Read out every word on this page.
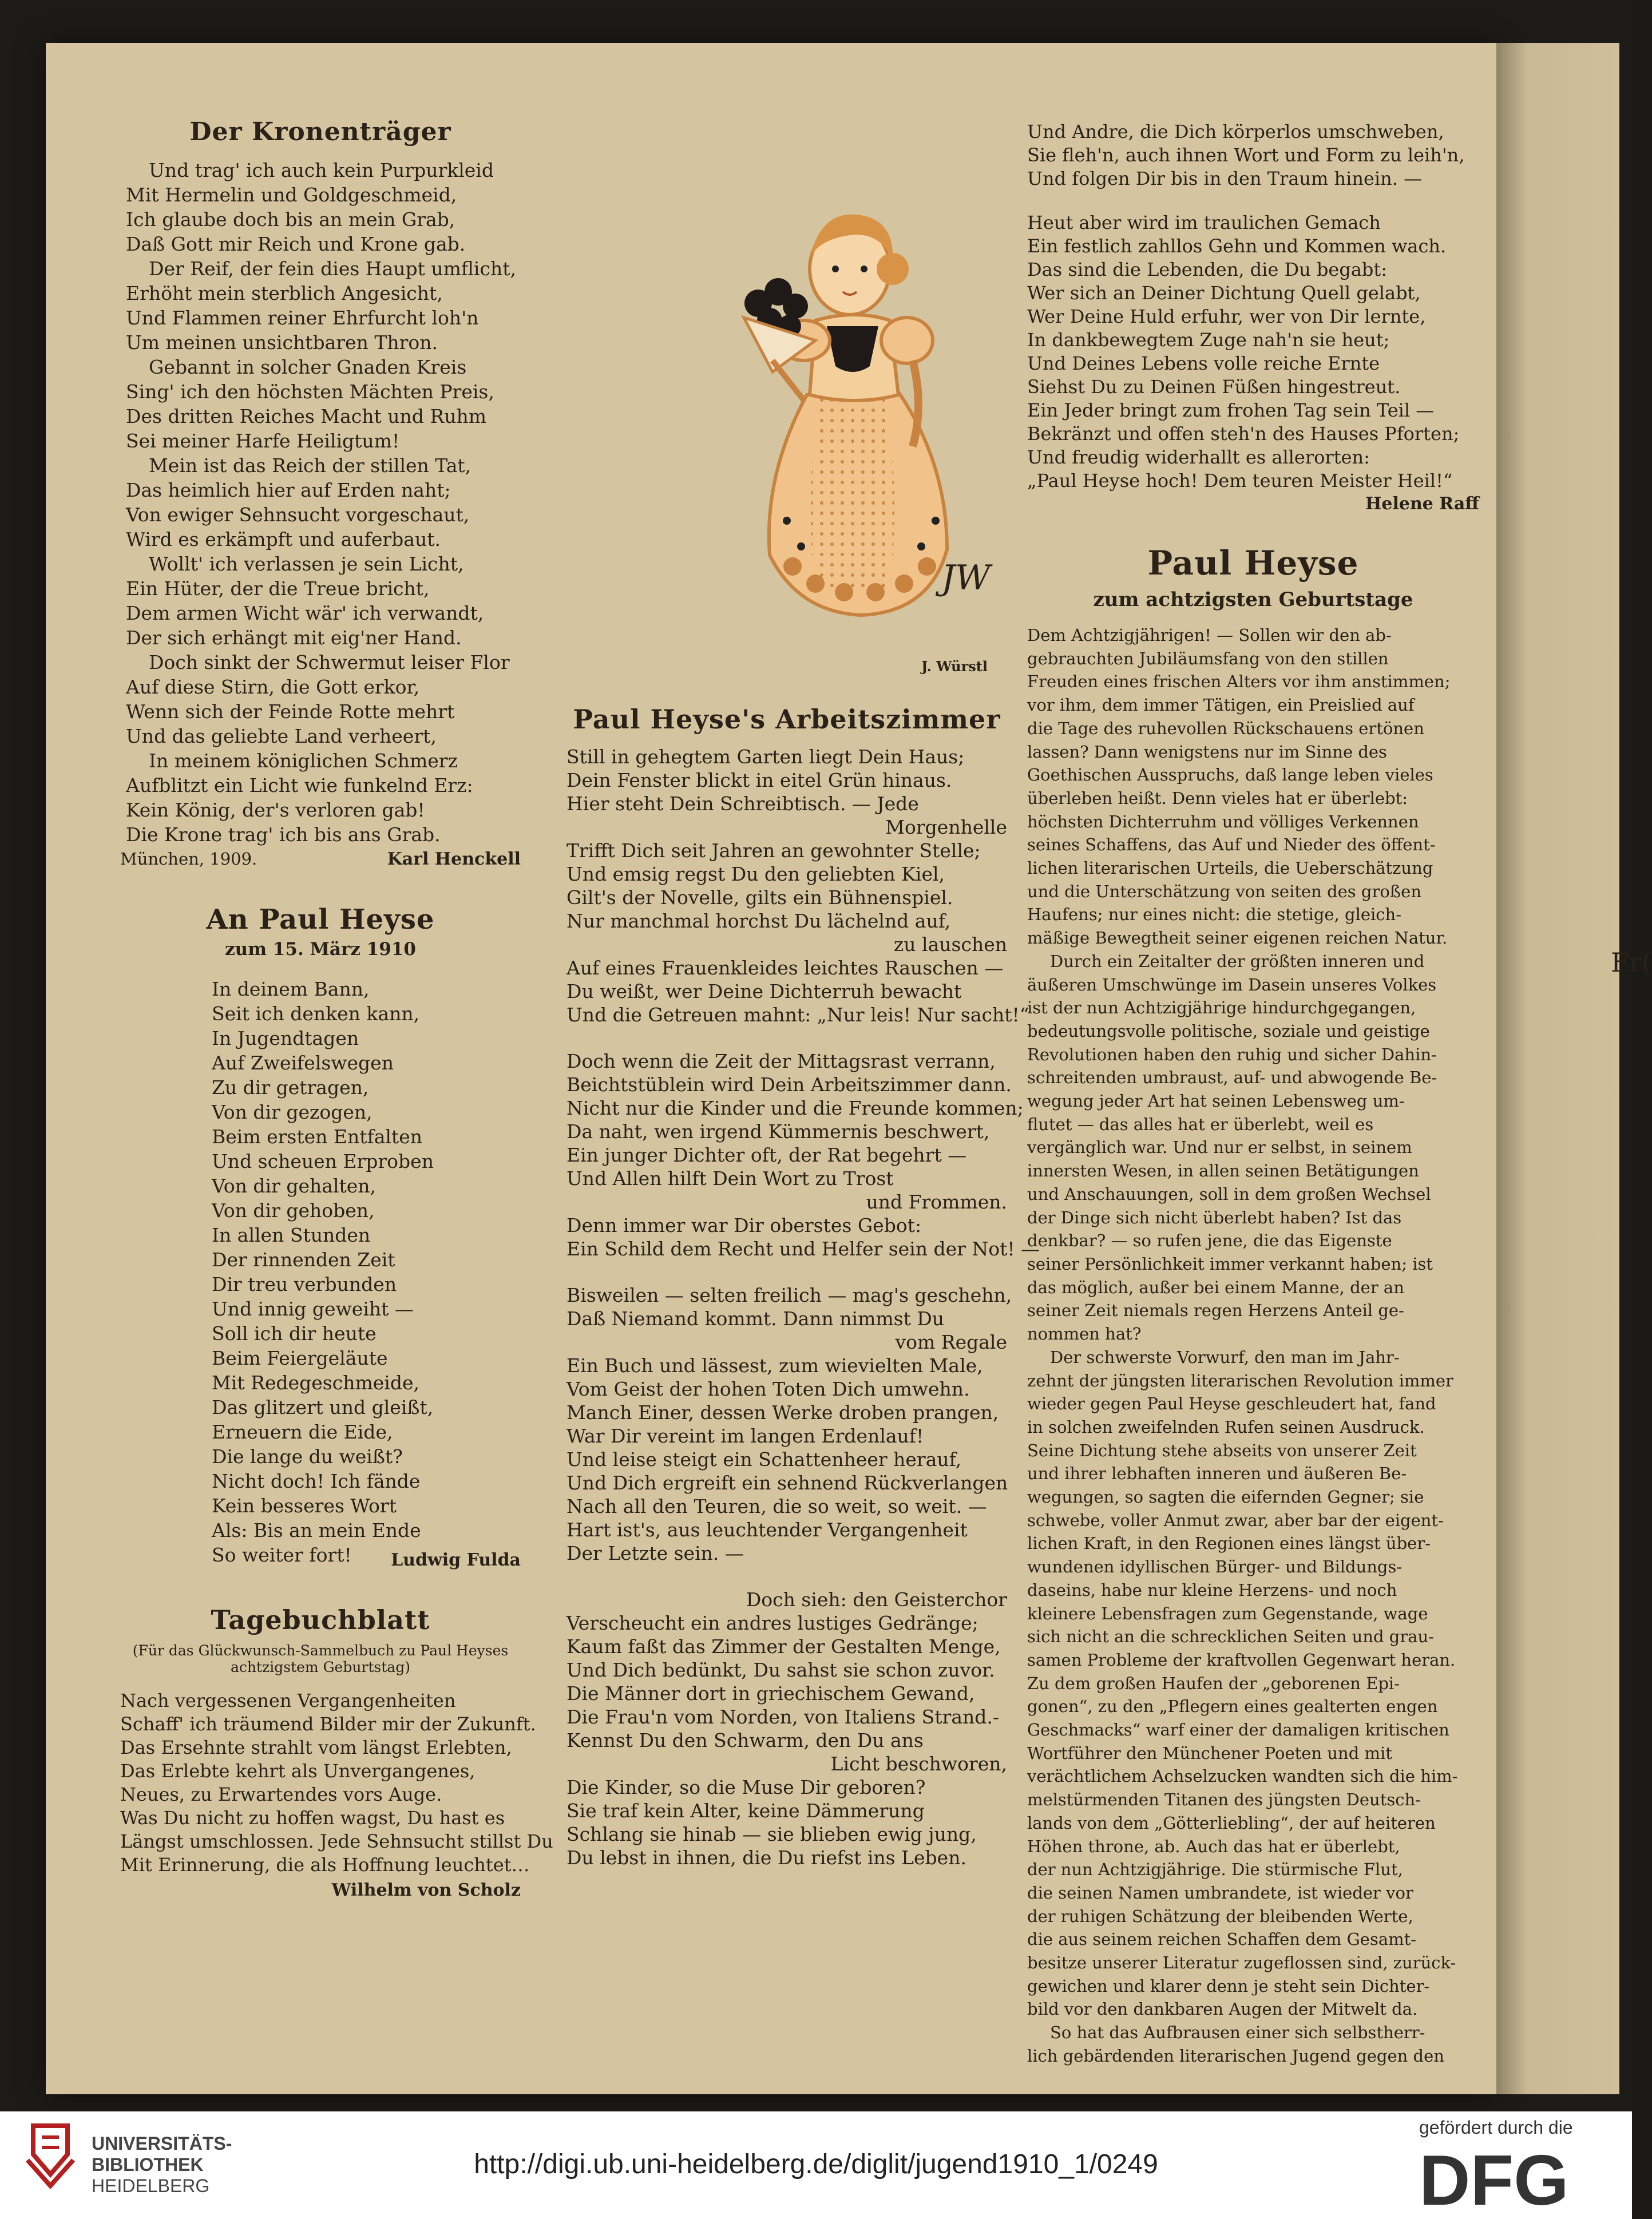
Der Kronenträger
Und trag' ich auch kein Purpurkleid
Mit Hermelin und Goldgeschmeid,
Ich glaube doch bis an mein Grab,
Daß Gott mir Reich und Krone gab.
Der Reif, der fein dies Haupt umflicht,
Erhöht mein sterblich Angesicht,
Und Flammen reiner Ehrfurcht loh'n
Um meinen unsichtbaren Thron.
Gebannt in solcher Gnaden Kreis
Sing' ich den höchsten Mächten Preis,
Des dritten Reiches Macht und Ruhm
Sei meiner Harfe Heiligtum!
Mein ist das Reich der stillen Tat,
Das heimlich hier auf Erden naht;
Von ewiger Sehnsucht vorgeschaut,
Wird es erkämpft und auferbaut.
Wollt' ich verlassen je sein Licht,
Ein Hüter, der die Treue bricht,
Dem armen Wicht wär' ich verwandt,
Der sich erhängt mit eig'ner Hand.
Doch sinkt der Schwermut leiser Flor
Auf diese Stirn, die Gott erkor,
Wenn sich der Feinde Rotte mehrt
Und das geliebte Land verheert,
In meinem königlichen Schmerz
Aufblitzt ein Licht wie funkelnd Erz:
Kein König, der's verloren gab!
Die Krone trag' ich bis ans Grab.
München, 1909.	Karl Henckell
An Paul Heyse
zum 15. März 1910
In deinem Bann,
Seit ich denken kann,
In Jugendtagen
Auf Zweifelswegen
Zu dir getragen,
Von dir gezogen,
Beim ersten Entfalten
Und scheuen Erproben
Von dir gehalten,
Von dir gehoben,
In allen Stunden
Der rinnenden Zeit
Dir treu verbunden
Und innig geweiht —
Soll ich dir heute
Beim Feiergeläute
Mit Redegeschmeide,
Das glitzert und gleißt,
Erneuern die Eide,
Die lange du weißt?
Nicht doch! Ich fände
Kein besseres Wort
Als: Bis an mein Ende
So weiter fort!	Ludwig Fulda
Tagebuchblatt
(Für das Glückwunsch-Sammelbuch zu Paul Heyses
achtzigstem Geburtstag)
Nach vergessenen Vergangenheiten
Schaff' ich träumend Bilder mir der Zukunft.
Das Ersehnte strahlt vom längst Erlebten,
Das Erlebte kehrt als Unvergangenes,
Neues, zu Erwartendes vors Auge.
Was Du nicht zu hoffen wagst, Du hast es
Längst umschlossen. Jede Sehnsucht stillst Du
Mit Erinnerung, die als Hoffnung leuchtet…
Wilhelm von Scholz
JW
J. Würstl
Paul Heyse's Arbeitszimmer
Still in gehegtem Garten liegt Dein Haus;
Dein Fenster blickt in eitel Grün hinaus.
Hier steht Dein Schreibtisch. — Jede
Morgenhelle
Trifft Dich seit Jahren an gewohnter Stelle;
Und emsig regst Du den geliebten Kiel,
Gilt's der Novelle, gilts ein Bühnenspiel.
Nur manchmal horchst Du lächelnd auf,
zu lauschen
Auf eines Frauenkleides leichtes Rauschen —
Du weißt, wer Deine Dichterruh bewacht
Und die Getreuen mahnt: „Nur leis! Nur sacht!“
Doch wenn die Zeit der Mittagsrast verrann,
Beichtstüblein wird Dein Arbeitszimmer dann.
Nicht nur die Kinder und die Freunde kommen;
Da naht, wen irgend Kümmernis beschwert,
Ein junger Dichter oft, der Rat begehrt —
Und Allen hilft Dein Wort zu Trost
und Frommen.
Denn immer war Dir oberstes Gebot:
Ein Schild dem Recht und Helfer sein der Not! —
Bisweilen — selten freilich — mag's geschehn,
Daß Niemand kommt. Dann nimmst Du
vom Regale
Ein Buch und lässest, zum wievielten Male,
Vom Geist der hohen Toten Dich umwehn.
Manch Einer, dessen Werke droben prangen,
War Dir vereint im langen Erdenlauf!
Und leise steigt ein Schattenheer herauf,
Und Dich ergreift ein sehnend Rückverlangen
Nach all den Teuren, die so weit, so weit. —
Hart ist's, aus leuchtender Vergangenheit
Der Letzte sein. —
Doch sieh: den Geisterchor
Verscheucht ein andres lustiges Gedränge;
Kaum faßt das Zimmer der Gestalten Menge,
Und Dich bedünkt, Du sahst sie schon zuvor.
Die Männer dort in griechischem Gewand,
Die Frau'n vom Norden, von Italiens Strand.-
Kennst Du den Schwarm, den Du ans
Licht beschworen,
Die Kinder, so die Muse Dir geboren?
Sie traf kein Alter, keine Dämmerung
Schlang sie hinab — sie blieben ewig jung,
Du lebst in ihnen, die Du riefst ins Leben.
Und Andre, die Dich körperlos umschweben,
Sie fleh'n, auch ihnen Wort und Form zu leih'n,
Und folgen Dir bis in den Traum hinein. —
Heut aber wird im traulichen Gemach
Ein festlich zahllos Gehn und Kommen wach.
Das sind die Lebenden, die Du begabt:
Wer sich an Deiner Dichtung Quell gelabt,
Wer Deine Huld erfuhr, wer von Dir lernte,
In dankbewegtem Zuge nah'n sie heut;
Und Deines Lebens volle reiche Ernte
Siehst Du zu Deinen Füßen hingestreut.
Ein Jeder bringt zum frohen Tag sein Teil —
Bekränzt und offen steh'n des Hauses Pforten;
Und freudig widerhallt es allerorten:
„Paul Heyse hoch! Dem teuren Meister Heil!“
Helene Raff
Paul Heyse
zum achtzigsten Geburtstage
Dem Achtzigjährigen! — Sollen wir den ab-
gebrauchten Jubiläumsfang von den stillen
Freuden eines frischen Alters vor ihm anstimmen;
vor ihm, dem immer Tätigen, ein Preislied auf
die Tage des ruhevollen Rückschauens ertönen
lassen? Dann wenigstens nur im Sinne des
Goethischen Ausspruchs, daß lange leben vieles
überleben heißt. Denn vieles hat er überlebt:
höchsten Dichterruhm und völliges Verkennen
seines Schaffens, das Auf und Nieder des öffent-
lichen literarischen Urteils, die Ueberschätzung
und die Unterschätzung von seiten des großen
Haufens; nur eines nicht: die stetige, gleich-
mäßige Bewegtheit seiner eigenen reichen Natur.
Durch ein Zeitalter der größten inneren und
äußeren Umschwünge im Dasein unseres Volkes
ist der nun Achtzigjährige hindurchgegangen,
bedeutungsvolle politische, soziale und geistige
Revolutionen haben den ruhig und sicher Dahin-
schreitenden umbraust, auf- und abwogende Be-
wegung jeder Art hat seinen Lebensweg um-
flutet — das alles hat er überlebt, weil es
vergänglich war. Und nur er selbst, in seinem
innersten Wesen, in allen seinen Betätigungen
und Anschauungen, soll in dem großen Wechsel
der Dinge sich nicht überlebt haben? Ist das
denkbar? — so rufen jene, die das Eigenste
seiner Persönlichkeit immer verkannt haben; ist
das möglich, außer bei einem Manne, der an
seiner Zeit niemals regen Herzens Anteil ge-
nommen hat?
Der schwerste Vorwurf, den man im Jahr-
zehnt der jüngsten literarischen Revolution immer
wieder gegen Paul Heyse geschleudert hat, fand
in solchen zweifelnden Rufen seinen Ausdruck.
Seine Dichtung stehe abseits von unserer Zeit
und ihrer lebhaften inneren und äußeren Be-
wegungen, so sagten die eifernden Gegner; sie
schwebe, voller Anmut zwar, aber bar der eigent-
lichen Kraft, in den Regionen eines längst über-
wundenen idyllischen Bürger- und Bildungs-
daseins, habe nur kleine Herzens- und noch
kleinere Lebensfragen zum Gegenstande, wage
sich nicht an die schrecklichen Seiten und grau-
samen Probleme der kraftvollen Gegenwart heran.
Zu dem großen Haufen der „geborenen Epi-
gonen“, zu den „Pflegern eines gealterten engen
Geschmacks“ warf einer der damaligen kritischen
Wortführer den Münchener Poeten und mit
verächtlichem Achselzucken wandten sich die him-
melstürmenden Titanen des jüngsten Deutsch-
lands von dem „Götterliebling“, der auf heiteren
Höhen throne, ab. Auch das hat er überlebt,
der nun Achtzigjährige. Die stürmische Flut,
die seinen Namen umbrandete, ist wieder vor
der ruhigen Schätzung der bleibenden Werte,
die aus seinem reichen Schaffen dem Gesamt-
besitze unserer Literatur zugeflossen sind, zurück-
gewichen und klarer denn je steht sein Dichter-
bild vor den dankbaren Augen der Mitwelt da.
So hat das Aufbrausen einer sich selbstherr-
lich gebärdenden literarischen Jugend gegen den
Fr(
UNIVERSITÄTS-
BIBLIOTHEK
HEIDELBERG
http://digi.ub.uni-heidelberg.de/diglit/jugend1910_1/0249
gefördert durch die
DFG
